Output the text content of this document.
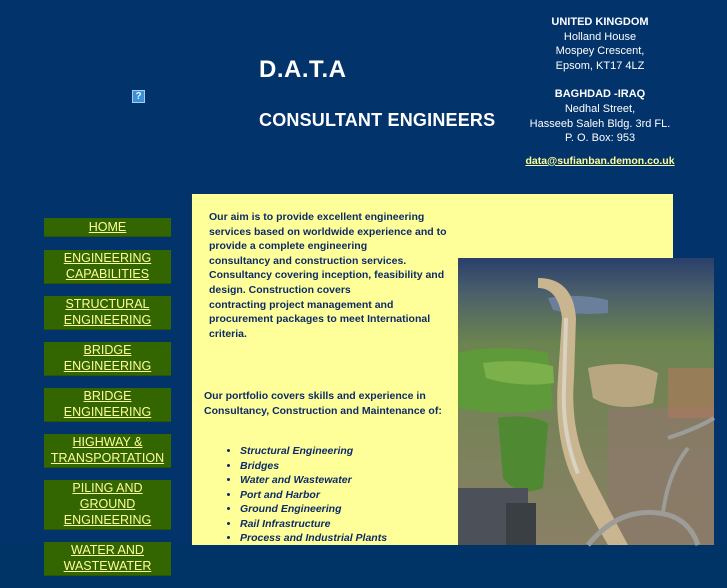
?
D.A.T.A
CONSULTANT ENGINEERS
UNITED KINGDOM
Holland House
Mospey Crescent,
Epsom, KT17 4LZ
BAGHDAD -IRAQ
Nedhal Street,
Hasseeb Saleh Bldg. 3rd FL.
P. O. Box: 953
data@sufianban.demon.co.uk
HOME
ENGINEERING
CAPABILITIES
STRUCTURAL
ENGINEERING
BRIDGE
ENGINEERING
BRIDGE
ENGINEERING
HIGHWAY &
TRANSPORTATION
PILING AND GROUND
ENGINEERING
WATER AND
WASTEWATER
Our aim is to provide excellent engineering
services based on worldwide experience and to
provide a complete engineering
consultancy and construction services.
Consultancy covering inception, feasibility and
design. Construction covers
contracting project management and
procurement packages to meet International
criteria.
Our portfolio covers skills and experience in
Consultancy, Construction and Maintenance of:
• Structural Engineering
• Bridges
• Water and Wastewater
• Port and Harbor
• Ground Engineering
• Rail Infrastructure
• Process and Industrial Plants
